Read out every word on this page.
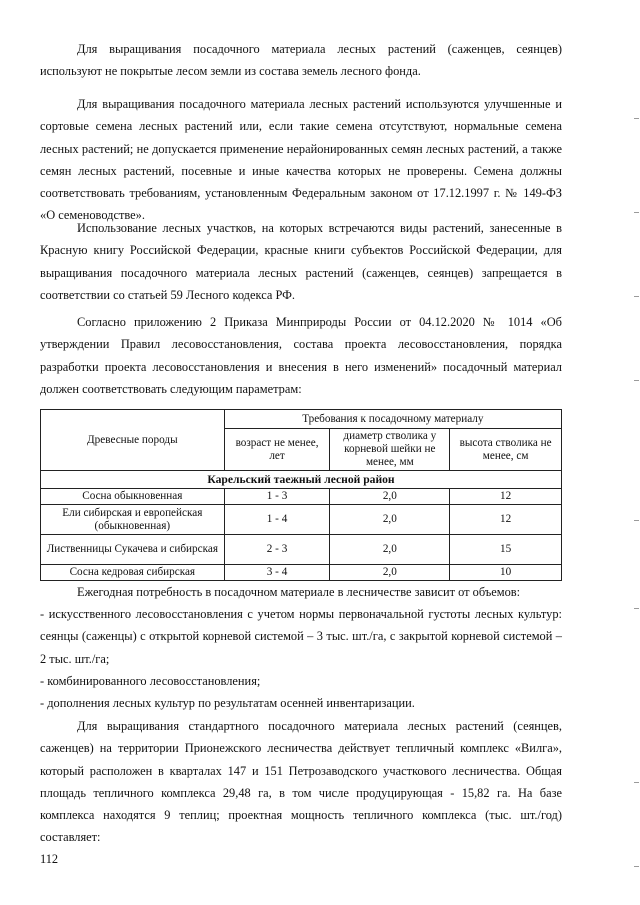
Для выращивания посадочного материала лесных растений (саженцев, сеянцев) используют не покрытые лесом земли из состава земель лесного фонда.

Для выращивания посадочного материала лесных растений используются улучшенные и сортовые семена лесных растений или, если такие семена отсутствуют, нормальные семена лесных растений; не допускается применение нерайонированных семян лесных растений, а также семян лесных растений, посевные и иные качества которых не проверены. Семена должны соответствовать требованиям, установленным Федеральным законом от 17.12.1997 г. № 149-ФЗ «О семеноводстве».

Использование лесных участков, на которых встречаются виды растений, занесенные в Красную книгу Российской Федерации, красные книги субъектов Российской Федерации, для выращивания посадочного материала лесных растений (саженцев, сеянцев) запрещается в соответствии со статьей 59 Лесного кодекса РФ.

Согласно приложению 2 Приказа Минприроды России от 04.12.2020 № 1014 «Об утверждении Правил лесовосстановления, состава проекта лесовосстановления, порядка разработки проекта лесовосстановления и внесения в него изменений» посадочный материал должен соответствовать следующим параметрам:

Древесные породы	Требования к посадочному материалу		
	возраст не менее, лет	диаметр стволика у корневой шейки не менее, мм	высота стволика не менее, см
Карельский таежный лесной район			
Сосна обыкновенная	1 - 3	2,0	12
Ели сибирская и европейская (обыкновенная)	1 - 4	2,0	12
Лиственницы Сукачева и сибирская	2 - 3	2,0	15
Сосна кедровая сибирская	3 - 4	2,0	10

Ежегодная потребность в посадочном материале в лесничестве зависит от объемов:

- искусственного лесовосстановления с учетом нормы первоначальной густоты лесных культур: сеянцы (саженцы) с открытой корневой системой – 3 тыс. шт./га, с закрытой корневой системой – 2 тыс. шт./га;

- комбинированного лесовосстановления;

- дополнения лесных культур по результатам осенней инвентаризации.

Для выращивания стандартного посадочного материала лесных растений (сеянцев, саженцев) на территории Прионежского лесничества действует тепличный комплекс «Вилга», который расположен в кварталах 147 и 151 Петрозаводского участкового лесничества. Общая площадь тепличного комплекса 29,48 га, в том числе продуцирующая - 15,82 га. На базе комплекса находятся 9 теплиц; проектная мощность тепличного комплекса (тыс. шт./год) составляет:

112
